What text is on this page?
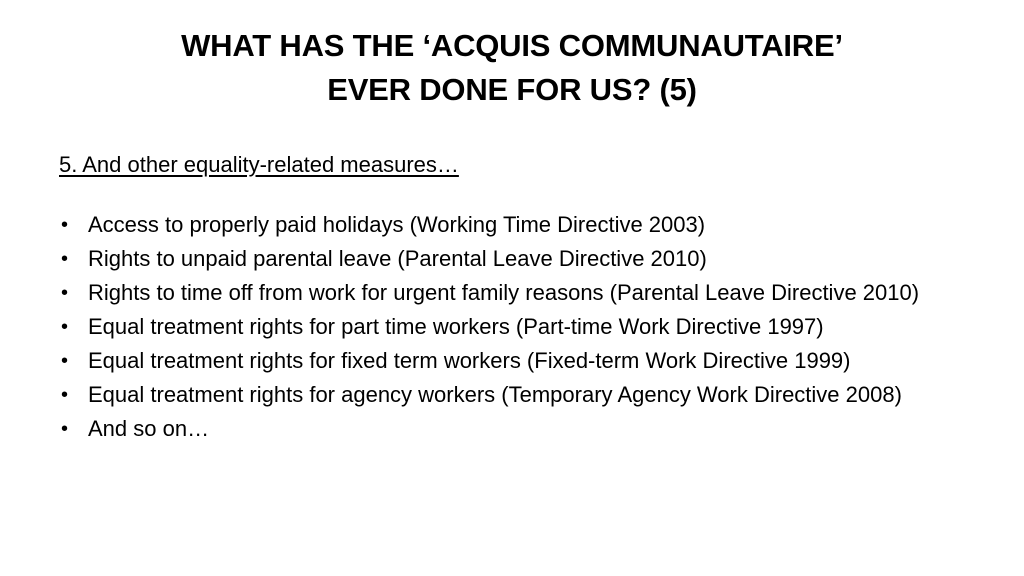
WHAT HAS THE ‘ACQUIS COMMUNAUTAIRE’
EVER DONE FOR US? (5)
5. And other equality-related measures…
• Access to properly paid holidays (Working Time Directive 2003)
• Rights to unpaid parental leave (Parental Leave Directive 2010)
• Rights to time off from work for urgent family reasons (Parental Leave Directive 2010)
• Equal treatment rights for part time workers (Part-time Work Directive 1997)
• Equal treatment rights for fixed term workers (Fixed-term Work Directive 1999)
• Equal treatment rights for agency workers (Temporary Agency Work Directive 2008)
• And so on…
